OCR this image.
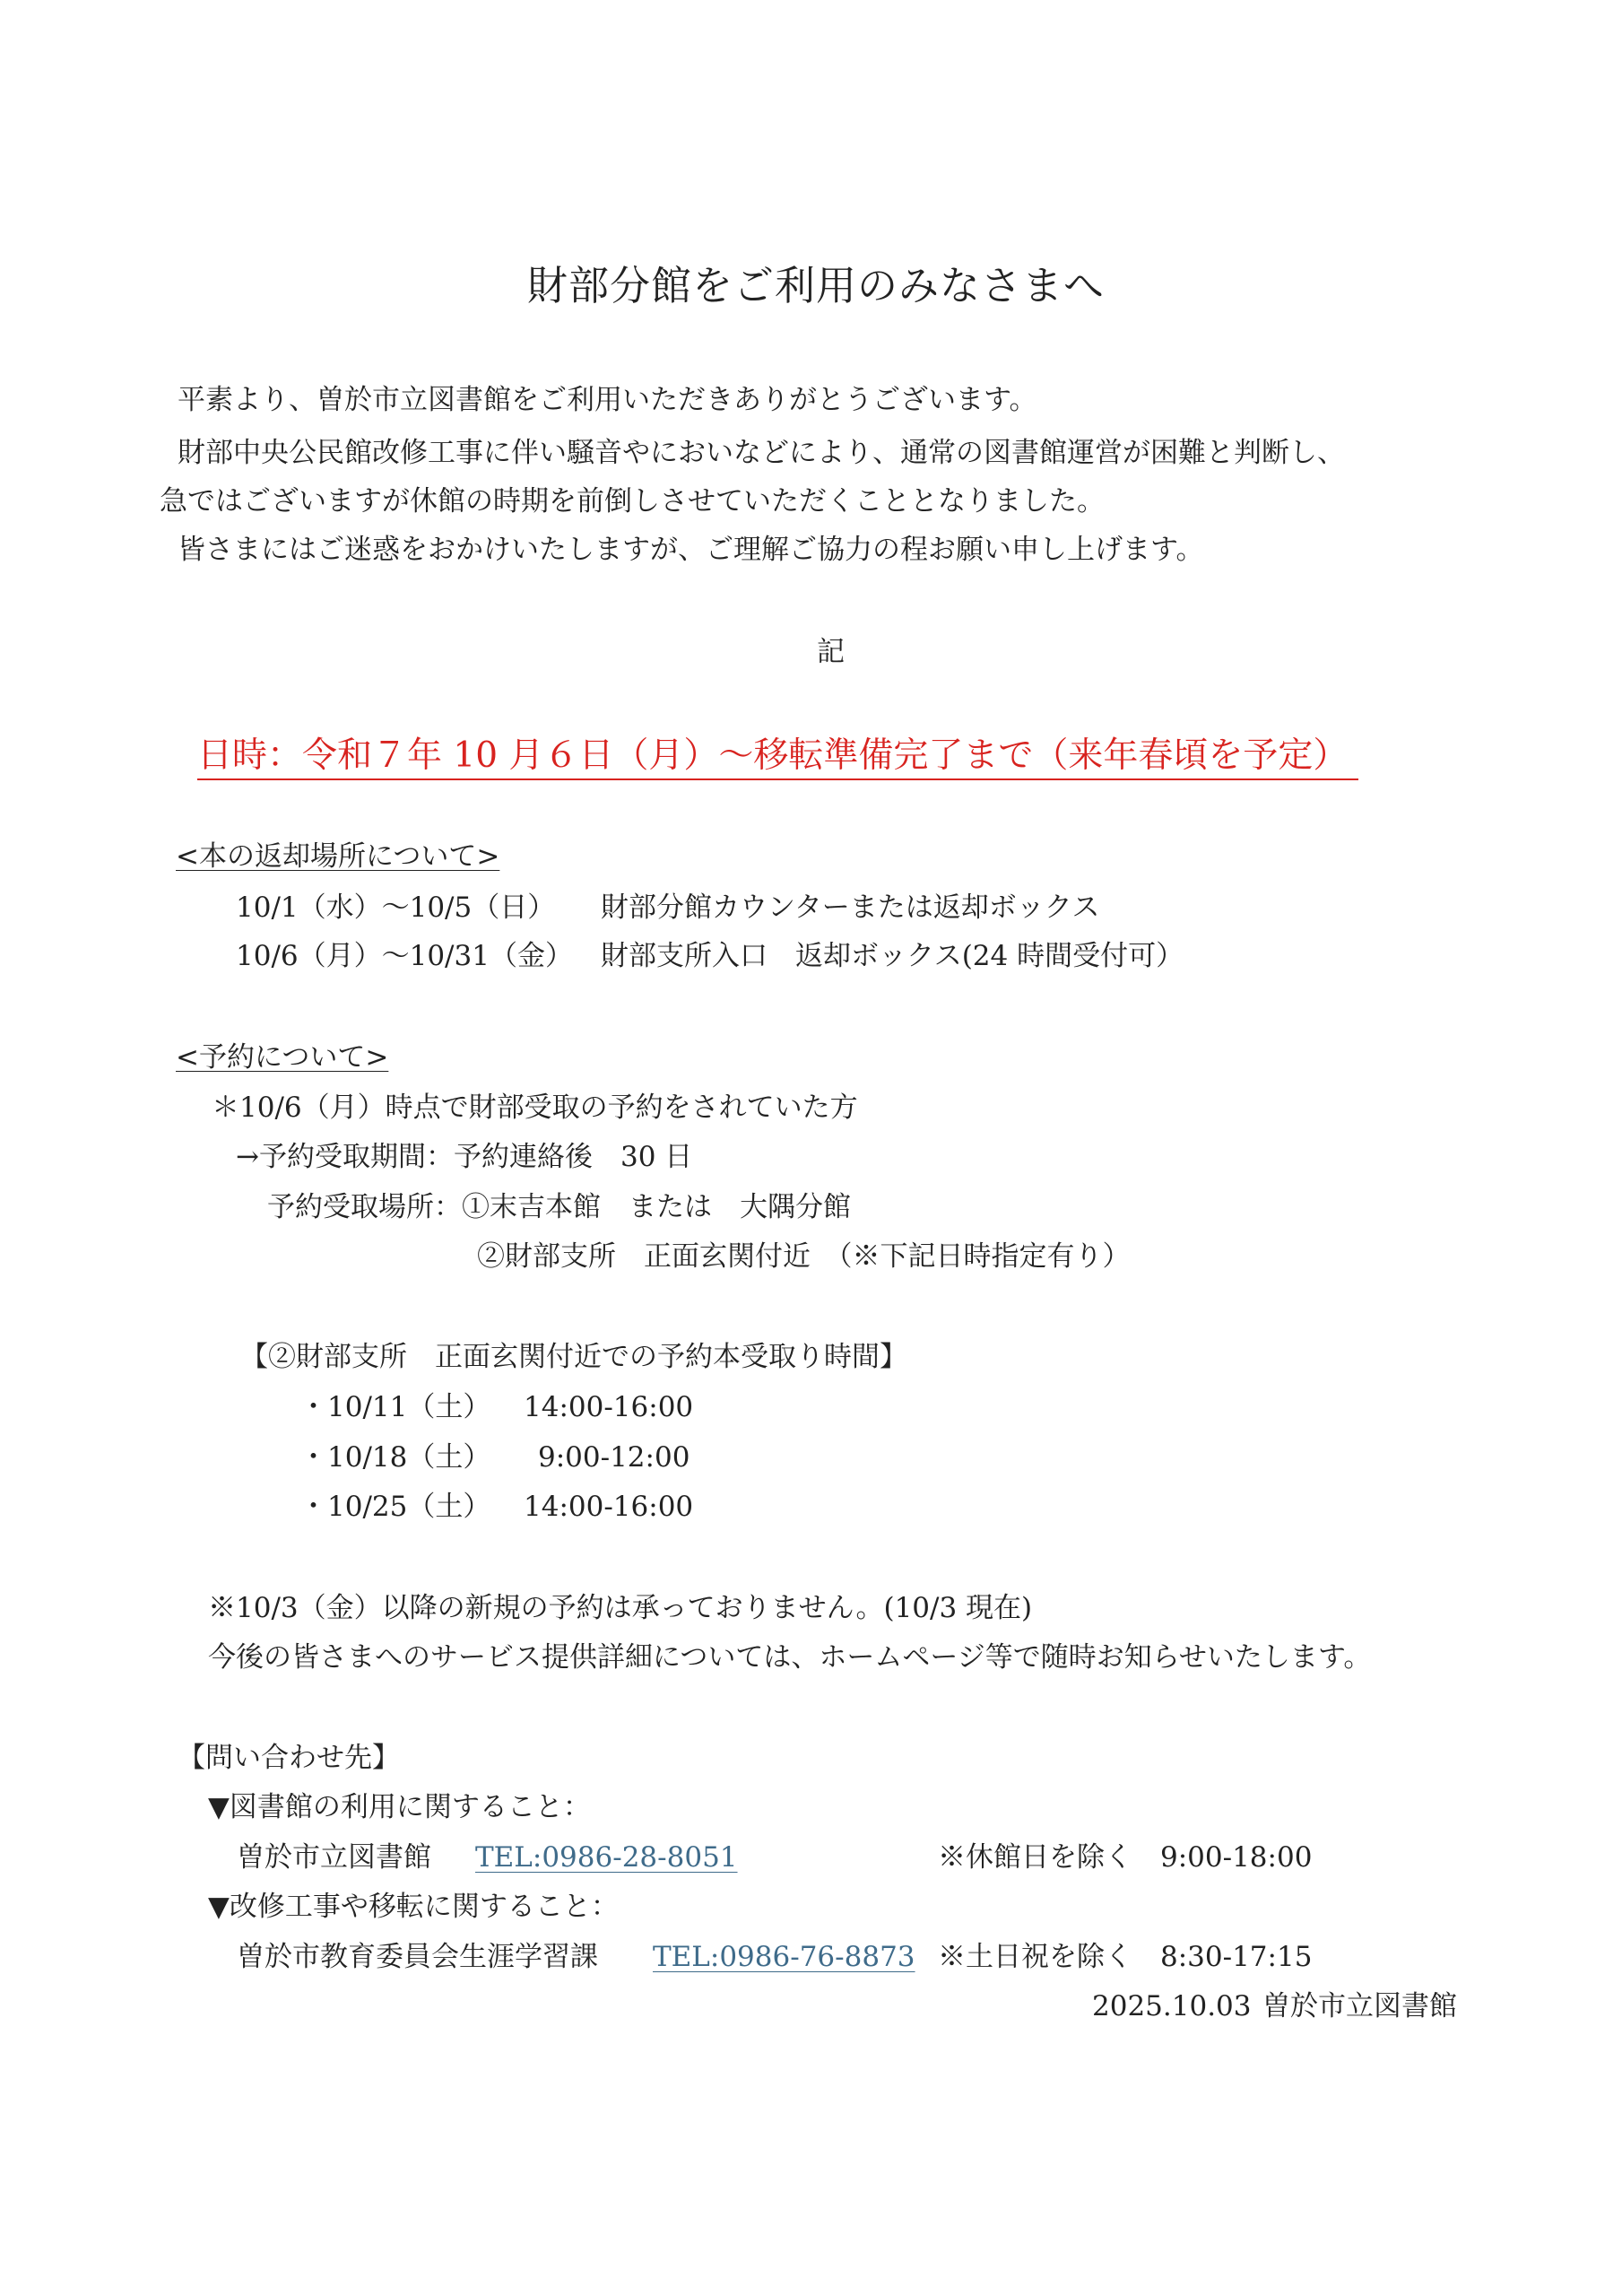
財部分館をご利用のみなさまへ
平素より、曽於市立図書館をご利用いただきありがとうございます。
財部中央公民館改修工事に伴い騒音やにおいなどにより、通常の図書館運営が困難と判断し、
急ではございますが休館の時期を前倒しさせていただくこととなりました。
皆さまにはご迷惑をおかけいたしますが、ご理解ご協力の程お願い申し上げます。
記
日時：令和７年 10 月６日（月）〜移転準備完了まで（来年春頃を予定）
<本の返却場所について>
10/1（水）〜10/5（日） 財部分館カウンターまたは返却ボックス
10/6（月）〜10/31（金） 財部支所入口　返却ボックス(24 時間受付可）
<予約について>
＊10/6（月）時点で財部受取の予約をされていた方
→予約受取期間：予約連絡後　30 日
予約受取場所：①末吉本館　または　大隅分館
②財部支所　正面玄関付近　（※下記日時指定有り）
【②財部支所　正面玄関付近での予約本受取り時間】
・10/11（土） 14:00-16:00
・10/18（土） 9:00-12:00
・10/25（土） 14:00-16:00
※10/3（金）以降の新規の予約は承っておりません。(10/3 現在)
今後の皆さまへのサービス提供詳細については、ホームページ等で随時お知らせいたします。
【問い合わせ先】
▼図書館の利用に関すること：
曽於市立図書館 TEL:0986-28-8051	※休館日を除く　9:00-18:00
▼改修工事や移転に関すること：
曽於市教育委員会生涯学習課 TEL:0986-76-8873 ※土日祝を除く　8:30-17:15
2025.10.03 曽於市立図書館
